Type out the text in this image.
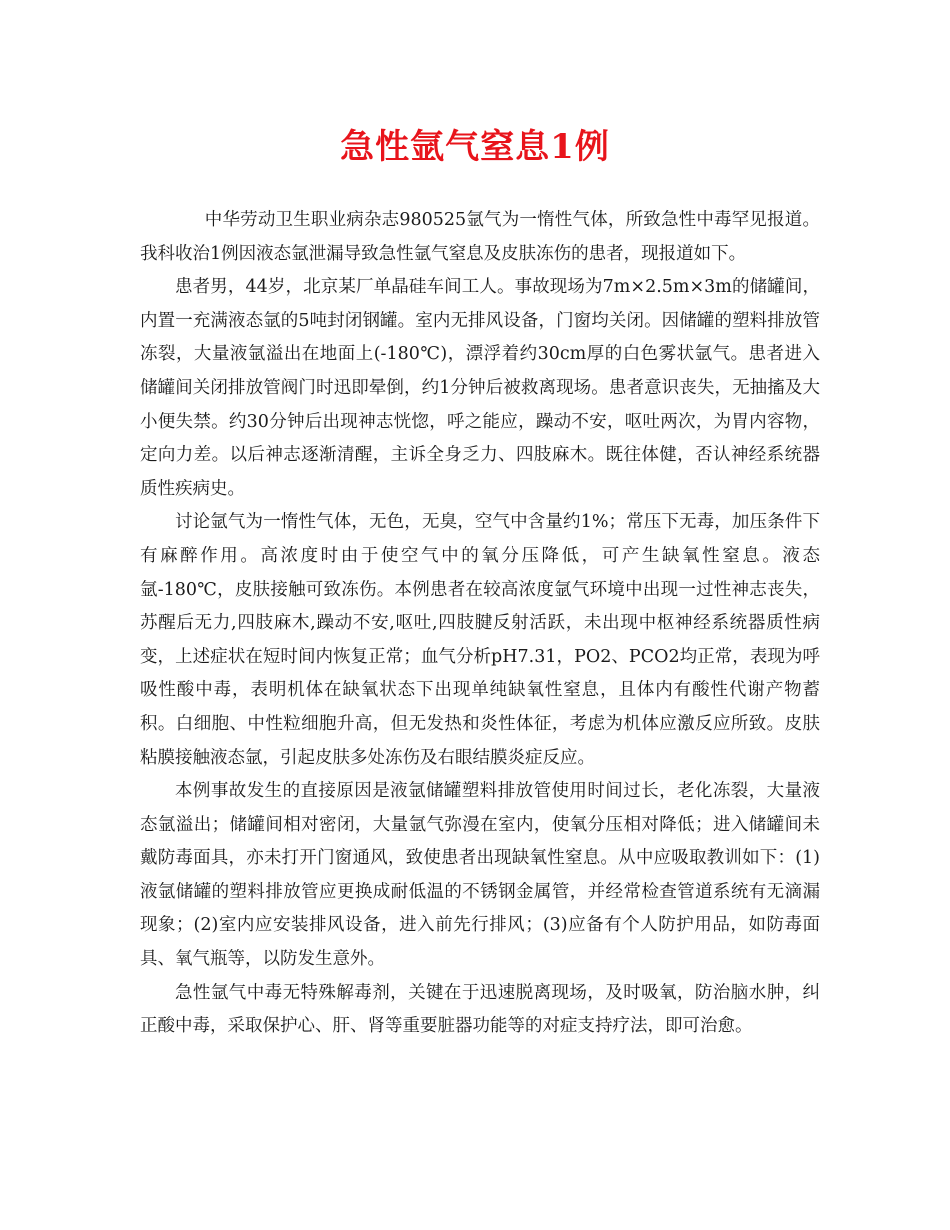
急性氩气窒息1例

中华劳动卫生职业病杂志980525氩气为一惰性气体，所致急性中毒罕见报道。我科收治1例因液态氩泄漏导致急性氩气窒息及皮肤冻伤的患者，现报道如下。

患者男，44岁，北京某厂单晶硅车间工人。事故现场为7m×2.5m×3m的储罐间，内置一充满液态氩的5吨封闭钢罐。室内无排风设备，门窗均关闭。因储罐的塑料排放管冻裂，大量液氩溢出在地面上(-180℃)，漂浮着约30cm厚的白色雾状氩气。患者进入储罐间关闭排放管阀门时迅即晕倒，约1分钟后被救离现场。患者意识丧失，无抽搐及大小便失禁。约30分钟后出现神志恍惚，呼之能应，躁动不安，呕吐两次，为胃内容物，定向力差。以后神志逐渐清醒，主诉全身乏力、四肢麻木。既往体健，否认神经系统器质性疾病史。

讨论氩气为一惰性气体，无色，无臭，空气中含量约1%；常压下无毒，加压条件下有麻醉作用。高浓度时由于使空气中的氧分压降低，可产生缺氧性窒息。液态氩-180℃，皮肤接触可致冻伤。本例患者在较高浓度氩气环境中出现一过性神志丧失，苏醒后无力,四肢麻木,躁动不安,呕吐,四肢腱反射活跃，未出现中枢神经系统器质性病变，上述症状在短时间内恢复正常；血气分析pH7.31，PO2、PCO2均正常，表现为呼吸性酸中毒，表明机体在缺氧状态下出现单纯缺氧性窒息，且体内有酸性代谢产物蓄积。白细胞、中性粒细胞升高，但无发热和炎性体征，考虑为机体应激反应所致。皮肤粘膜接触液态氩，引起皮肤多处冻伤及右眼结膜炎症反应。

本例事故发生的直接原因是液氩储罐塑料排放管使用时间过长，老化冻裂，大量液态氩溢出；储罐间相对密闭，大量氩气弥漫在室内，使氧分压相对降低；进入储罐间未戴防毒面具，亦未打开门窗通风，致使患者出现缺氧性窒息。从中应吸取教训如下：(1)液氩储罐的塑料排放管应更换成耐低温的不锈钢金属管，并经常检查管道系统有无滴漏现象；(2)室内应安装排风设备，进入前先行排风；(3)应备有个人防护用品，如防毒面具、氧气瓶等，以防发生意外。

急性氩气中毒无特殊解毒剂，关键在于迅速脱离现场，及时吸氧，防治脑水肿，纠正酸中毒，采取保护心、肝、肾等重要脏器功能等的对症支持疗法，即可治愈。
